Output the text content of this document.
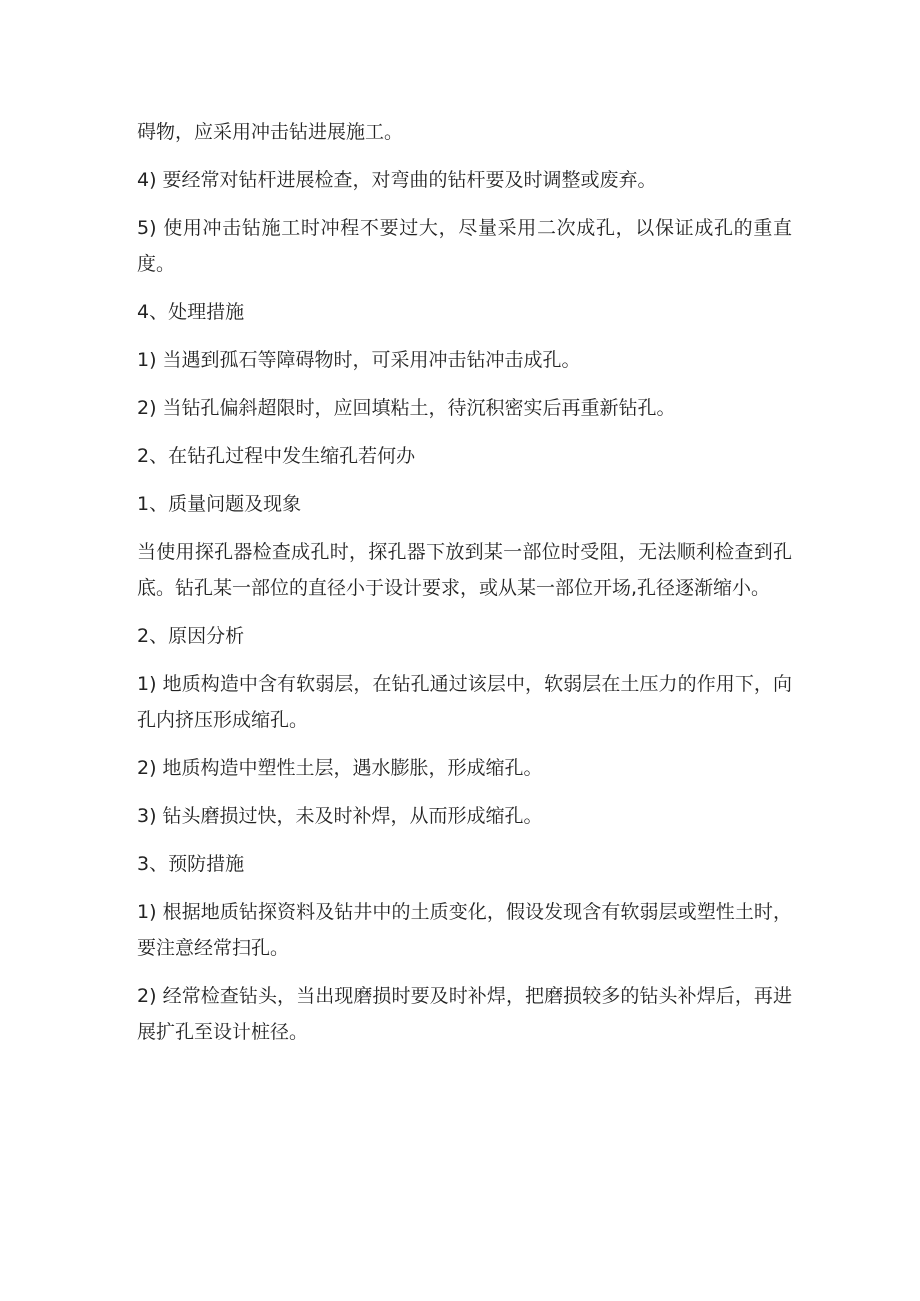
碍物，应采用冲击钻进展施工。

4) 要经常对钻杆进展检查，对弯曲的钻杆要及时调整或废弃。

5) 使用冲击钻施工时冲程不要过大，尽量采用二次成孔，以保证成孔的重直度。

4、处理措施

1) 当遇到孤石等障碍物时，可采用冲击钻冲击成孔。

2) 当钻孔偏斜超限时，应回填粘土，待沉积密实后再重新钻孔。

2、在钻孔过程中发生缩孔若何办

1、质量问题及现象

当使用探孔器检查成孔时，探孔器下放到某一部位时受阻，无法顺利检查到孔底。钻孔某一部位的直径小于设计要求，或从某一部位开场,孔径逐渐缩小。

2、原因分析

1) 地质构造中含有软弱层，在钻孔通过该层中，软弱层在土压力的作用下，向孔内挤压形成缩孔。

2) 地质构造中塑性土层，遇水膨胀，形成缩孔。

3) 钻头磨损过快，未及时补焊，从而形成缩孔。

3、预防措施

1) 根据地质钻探资料及钻井中的土质变化，假设发现含有软弱层或塑性土时，要注意经常扫孔。

2) 经常检查钻头，当出现磨损时要及时补焊，把磨损较多的钻头补焊后，再进展扩孔至设计桩径。
